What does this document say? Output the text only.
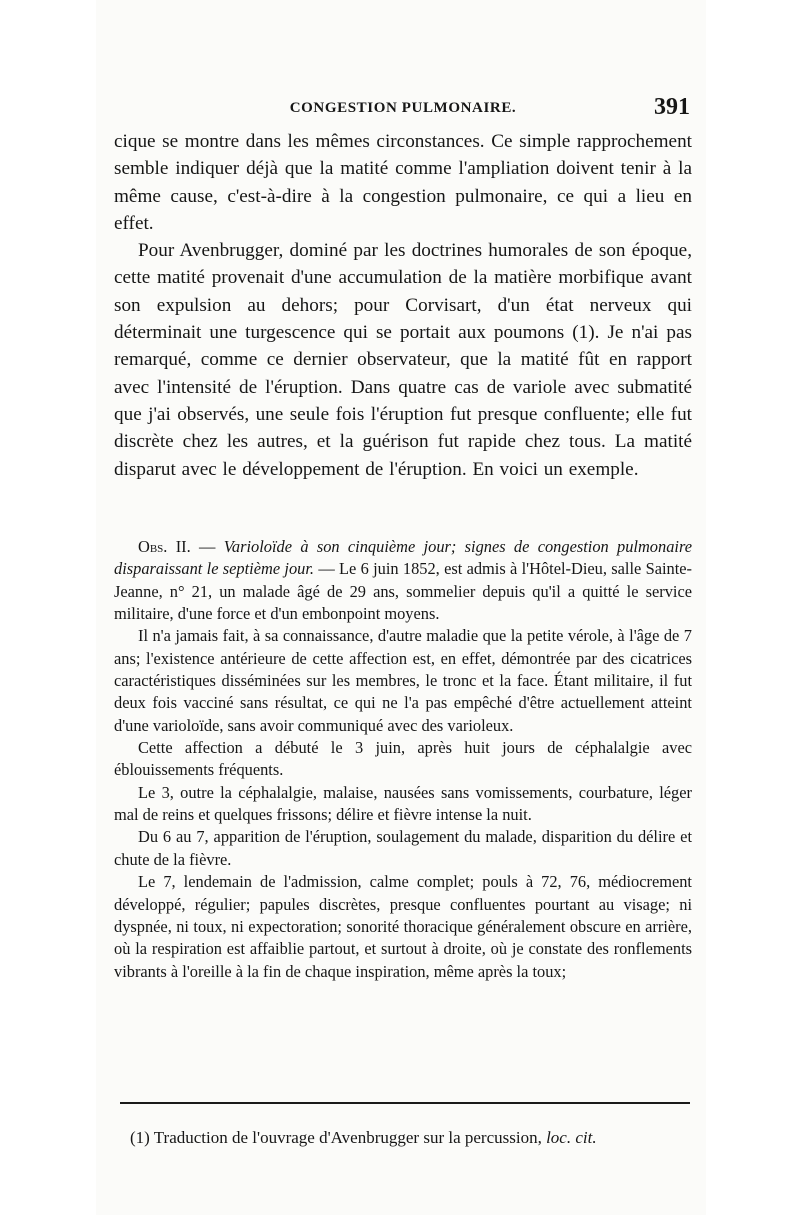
CONGESTION PULMONAIRE.	391

cique se montre dans les mêmes circonstances. Ce simple rapprochement semble indiquer déjà que la matité comme l'ampliation doivent tenir à la même cause, c'est-à-dire à la congestion pulmonaire, ce qui a lieu en effet.

Pour Avenbrugger, dominé par les doctrines humorales de son époque, cette matité provenait d'une accumulation de la matière morbifique avant son expulsion au dehors; pour Corvisart, d'un état nerveux qui déterminait une turgescence qui se portait aux poumons (1). Je n'ai pas remarqué, comme ce dernier observateur, que la matité fût en rapport avec l'intensité de l'éruption. Dans quatre cas de variole avec submatité que j'ai observés, une seule fois l'éruption fut presque confluente; elle fut discrète chez les autres, et la guérison fut rapide chez tous. La matité disparut avec le développement de l'éruption. En voici un exemple.

Obs. II. — Varioloïde à son cinquième jour; signes de congestion pulmonaire disparaissant le septième jour. — Le 6 juin 1852, est admis à l'Hôtel-Dieu, salle Sainte-Jeanne, n° 21, un malade âgé de 29 ans, sommelier depuis qu'il a quitté le service militaire, d'une force et d'un embonpoint moyens.

Il n'a jamais fait, à sa connaissance, d'autre maladie que la petite vérole, à l'âge de 7 ans; l'existence antérieure de cette affection est, en effet, démontrée par des cicatrices caractéristiques disséminées sur les membres, le tronc et la face. Étant militaire, il fut deux fois vacciné sans résultat, ce qui ne l'a pas empêché d'être actuellement atteint d'une varioloïde, sans avoir communiqué avec des varioleux.

Cette affection a débuté le 3 juin, après huit jours de céphalalgie avec éblouissements fréquents.

Le 3, outre la céphalalgie, malaise, nausées sans vomissements, courbature, léger mal de reins et quelques frissons; délire et fièvre intense la nuit.

Du 6 au 7, apparition de l'éruption, soulagement du malade, disparition du délire et chute de la fièvre.

Le 7, lendemain de l'admission, calme complet; pouls à 72, 76, médiocrement développé, régulier; papules discrètes, presque confluentes pourtant au visage; ni dyspnée, ni toux, ni expectoration; sonorité thoracique généralement obscure en arrière, où la respiration est affaiblie partout, et surtout à droite, où je constate des ronflements vibrants à l'oreille à la fin de chaque inspiration, même après la toux;

(1) Traduction de l'ouvrage d'Avenbrugger sur la percussion, loc. cit.
